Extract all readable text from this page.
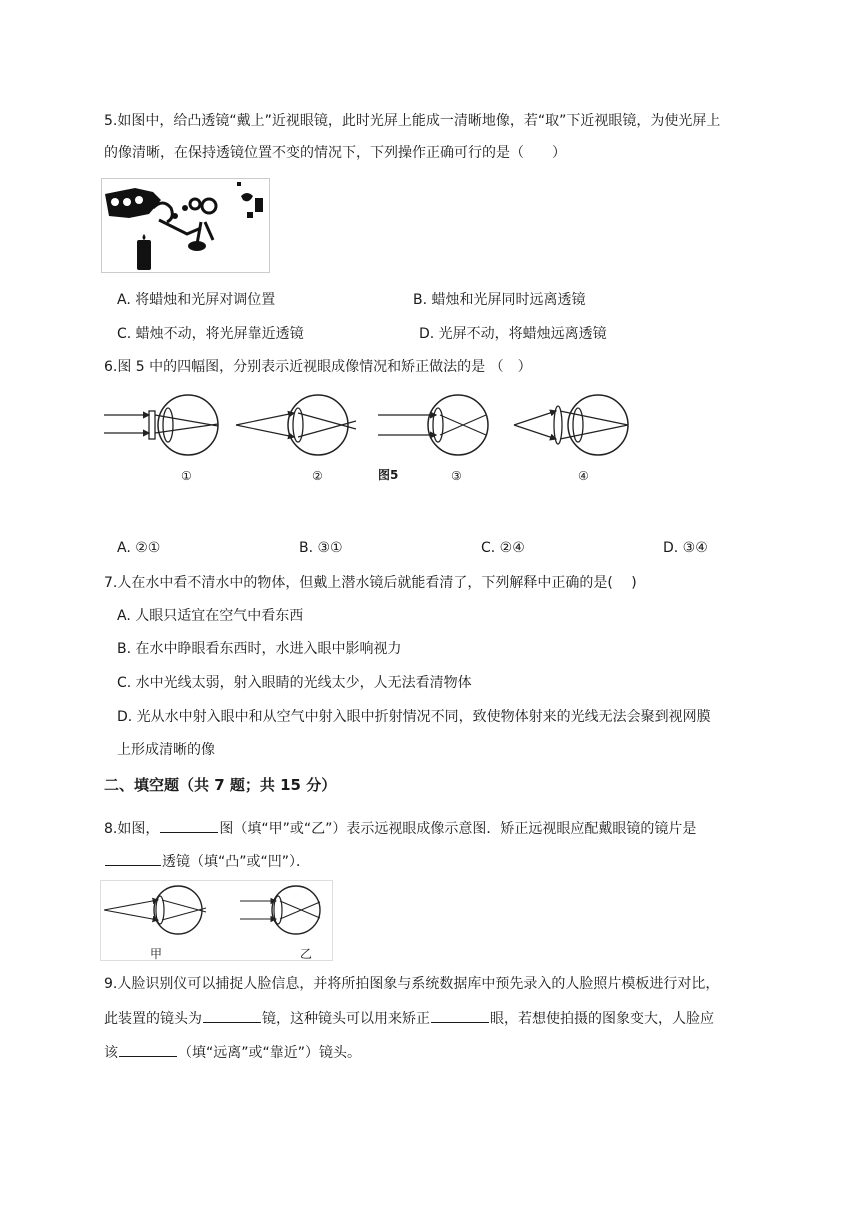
5.如图中，给凸透镜“戴上”近视眼镜，此时光屏上能成一清晰地像，若“取”下近视眼镜，为使光屏上
的像清晰，在保持透镜位置不变的情况下，下列操作正确可行的是（　　）
A. 将蜡烛和光屏对调位置	B. 蜡烛和光屏同时远离透镜
C. 蜡烛不动，将光屏靠近透镜	D. 光屏不动，将蜡烛远离透镜
6.图 5 中的四幅图，分别表示近视眼成像情况和矫正做法的是 （　）
①	②	图5	③	④
A. ②①	B. ③①	C. ②④	D. ③④
7.人在水中看不清水中的物体，但戴上潜水镜后就能看清了，下列解释中正确的是(　 )
A. 人眼只适宜在空气中看东西
B. 在水中睁眼看东西时，水进入眼中影响视力
C. 水中光线太弱，射入眼睛的光线太少，人无法看清物体
D. 光从水中射入眼中和从空气中射入眼中折射情况不同，致使物体射来的光线无法会聚到视网膜
上形成清晰的像
二、填空题（共 7 题；共 15 分）
8.如图，	图（填“甲”或“乙”）表示远视眼成像示意图．矫正远视眼应配戴眼镜的镜片是
透镜（填“凸”或“凹”）．
甲	乙
9.人脸识别仪可以捕捉人脸信息，并将所拍图象与系统数据库中预先录入的人脸照片模板进行对比，
此装置的镜头为	镜，这种镜头可以用来矫正	眼，若想使拍摄的图象变大，人脸应
该	（填“远离”或“靠近”）镜头。
